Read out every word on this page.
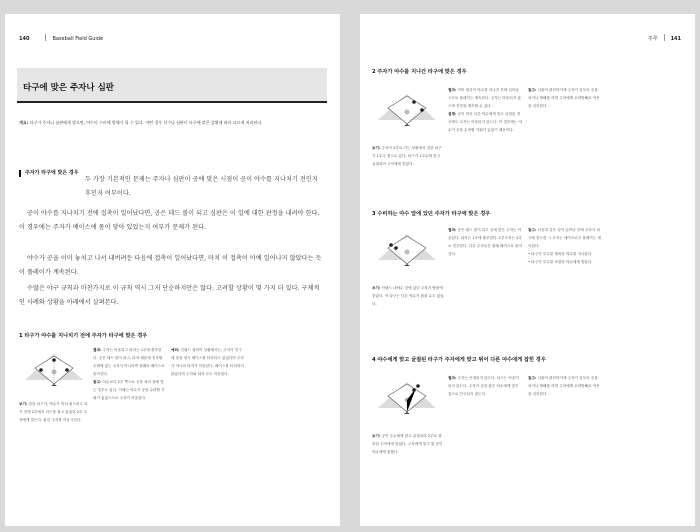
140	Baseball Field Guide
타구에 맞은 주자나 심판
개요: 타구가 주자나 심판에게 맞으면, 야수의 수비에 방해가 될 수 있다. 어떤 경우 선수나 심판이 타구에 맞은 상황에 따라 다르게 처리된다.
주자가 타구에 맞은 경우

두 가장 기본적인 문제는 주자나 심판이 공에 맞은 시점이 공이 야수를 지나치기 전인지 후인지 여부이다.

공이 야수를 지나치기 전에 접촉이 일어났다면, 공은 데드 볼이 되고 심판은 이 일에 대한 판정을 내려야 한다. 이 경우에는 주자가 베이스에 몸이 닿아 있었는지 여부가 문제가 된다.

야수가 공을 이미 놓치고 나서 내버려둔 다음에 접촉이 일어났다면, 마치 이 접촉이 아예 일어나지 않았다는 듯이 플레이가 계속된다.

수많은 야구 규칙과 마찬가지로 이 규칙 역시 그저 단순하지만은 않다. 고려할 상황이 몇 가지 더 있다. 구체적인 사례와 상황을 아래에서 살펴본다.

1 타구가 야수를 지나치기 전에 주자가 타구에 맞은 경우
보기: 강한 타구가, 야수가 미처 잡으려고 하기 전에 2루에서 리드를 잡고 있었던 2루 주자에게 맞는다. 잡힌 주자를 아웃시킨다.
결과: 주자는 아웃되고 타자는 1루에 출루한다. 공은 데드 볼이 되고, 타자 때문에 진루할 수밖에 없는 주자가 아니라면 원래의 베이스로 돌아간다.
참고: 야수보다 2루 쪽으로 공을 쳐서 몸에 맞는 경우도 있다. 이때는 야수가 공을 수비할 기회가 없었으므로 주자가 아웃된다.
예외: 인필드 플라이 상황에서는, 주자가 인구에 맞을 당시 베이스를 터치하고 있었다면 주자가 아니라 타자가 아웃된다. 베이스를 터치하지 않았다면 주자와 타자 모두 아웃된다.
주루	141
2 주자가 야수를 지나간 타구에 맞은 경우
보기: 주자가 2루로 가는 상황에서 강한 타구가 1루수 옆으로 갔다. 타구가 1루수에 맞고 굴절되어 주자에게 맞았다.
결과: 이미 접촉이 야수를 지나간 후에 일어났으므로 플레이는 계속된다. 주자는 아웃되지 않으며 진루를 계속할 수 있다.
설명: 공이 먼저 다른 야수에게 맞고 굴절된 경우에도 주자는 아웃되지 않는다. 이 경우에는 야수가 공을 수비할 기회가 있었기 때문이다.
참고: 심판이 판단하기에 주자가 일부러 공을 차거나 방해를 하면 주자에게 수비방해로 아웃을 선언한다.
3 수비하는 야수 앞에 있던 주자가 타구에 맞은 경우
보기: 인필드 내야수 앞에 있던 주자가 땅볼에 맞았다. 이 타구는 다른 야수가 잡을 수도 있었다.
결과: 공은 데드 볼이 되고 공에 맞은 주자는 아웃된다. 타자는 1루에 출루한다. 1루주자는 2루로 진루한다. 다른 주자들은 원래 베이스로 돌아간다.
참고: 다음과 같은 일이 일어난 후에 주자가 타구에 맞으면 그 주자는 세이프되고 플레이는 계속된다.
• 타구가 투수를 제외한 야수를 지나갔다.
• 타구가 투수를 포함한 야수에게 맞았다.
4 야수에게 맞고 굴절된 타구가 주자에게 맞고 튀어 다른 야수에게 잡힌 경우
보기: 공이 투수에게 맞고 굴절되어 2루로 향하던 주자에게 맞았다. 주자에게 맞고 튄 공이 야수에게 잡혔다.
결과: 주자는 인정되지 않는다. 타구는 아웃이 되지 않는다. 주자가 공을 잡은 야수에게 맞은 것으로 간주되지 않는다.
참고: 심판이 판단하기에 주자가 일부러 공을 차거나 방해를 하면 주자에게 수비방해로 아웃을 선언한다.
